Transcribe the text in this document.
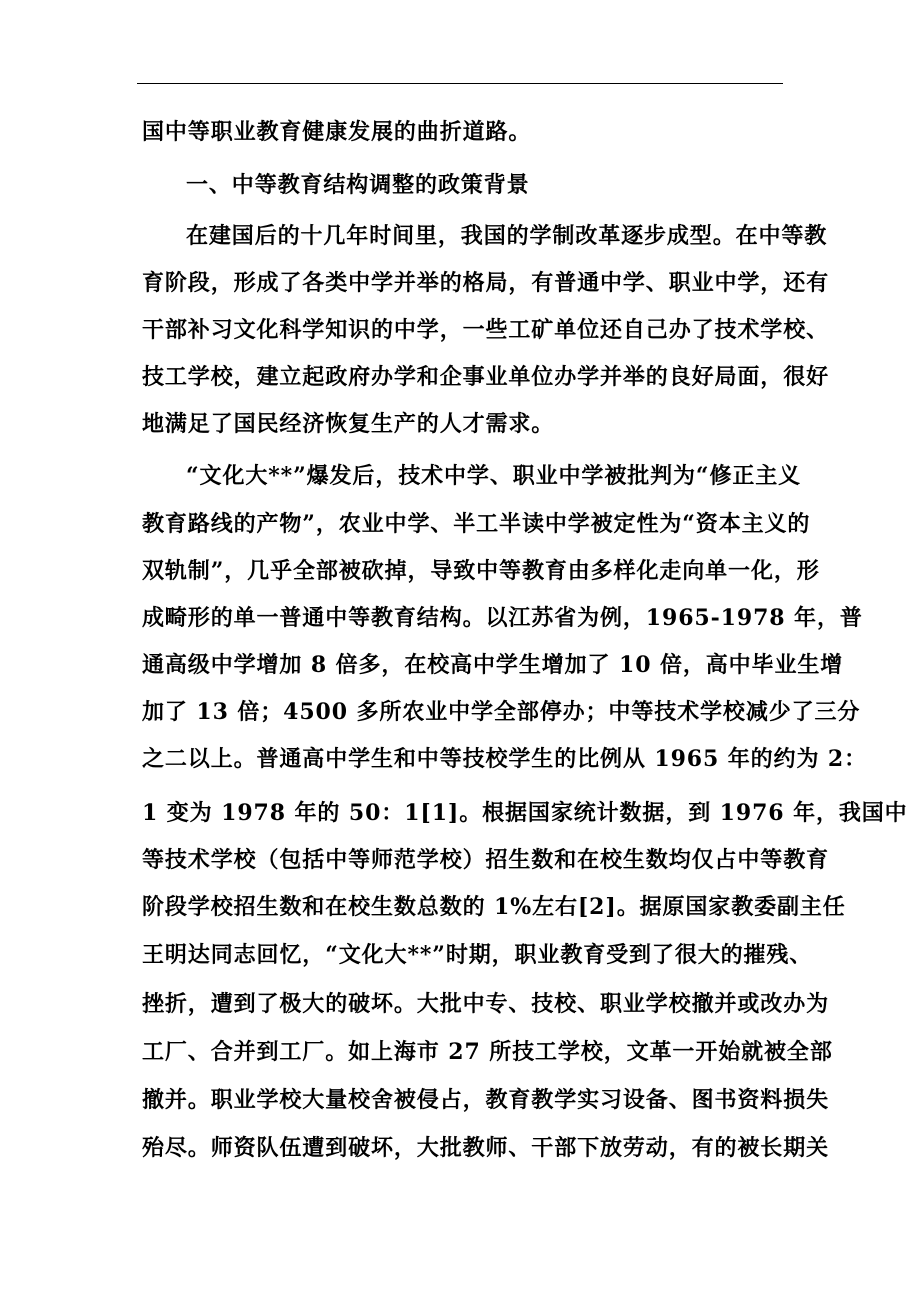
国中等职业教育健康发展的曲折道路。
一、中等教育结构调整的政策背景
在建国后的十几年时间里，我国的学制改革逐步成型。在中等教
育阶段，形成了各类中学并举的格局，有普通中学、职业中学，还有
干部补习文化科学知识的中学，一些工矿单位还自己办了技术学校、
技工学校，建立起政府办学和企事业单位办学并举的良好局面，很好
地满足了国民经济恢复生产的人才需求。
“文化大**”爆发后，技术中学、职业中学被批判为“修正主义
教育路线的产物”，农业中学、半工半读中学被定性为“资本主义的
双轨制”，几乎全部被砍掉，导致中等教育由多样化走向单一化，形
成畸形的单一普通中等教育结构。以江苏省为例，1965-1978 年，普
通高级中学增加 8 倍多，在校高中学生增加了 10 倍，高中毕业生增
加了 13 倍；4500 多所农业中学全部停办；中等技术学校减少了三分
之二以上。普通高中学生和中等技校学生的比例从 1965 年的约为 2：
1 变为 1978 年的 50：1[1]。根据国家统计数据，到 1976 年，我国中
等技术学校（包括中等师范学校）招生数和在校生数均仅占中等教育
阶段学校招生数和在校生数总数的 1%左右[2]。据原国家教委副主任
王明达同志回忆，“文化大**”时期，职业教育受到了很大的摧残、
挫折，遭到了极大的破坏。大批中专、技校、职业学校撤并或改办为
工厂、合并到工厂。如上海市 27 所技工学校，文革一开始就被全部
撤并。职业学校大量校舍被侵占，教育教学实习设备、图书资料损失
殆尽。师资队伍遭到破坏，大批教师、干部下放劳动，有的被长期关
